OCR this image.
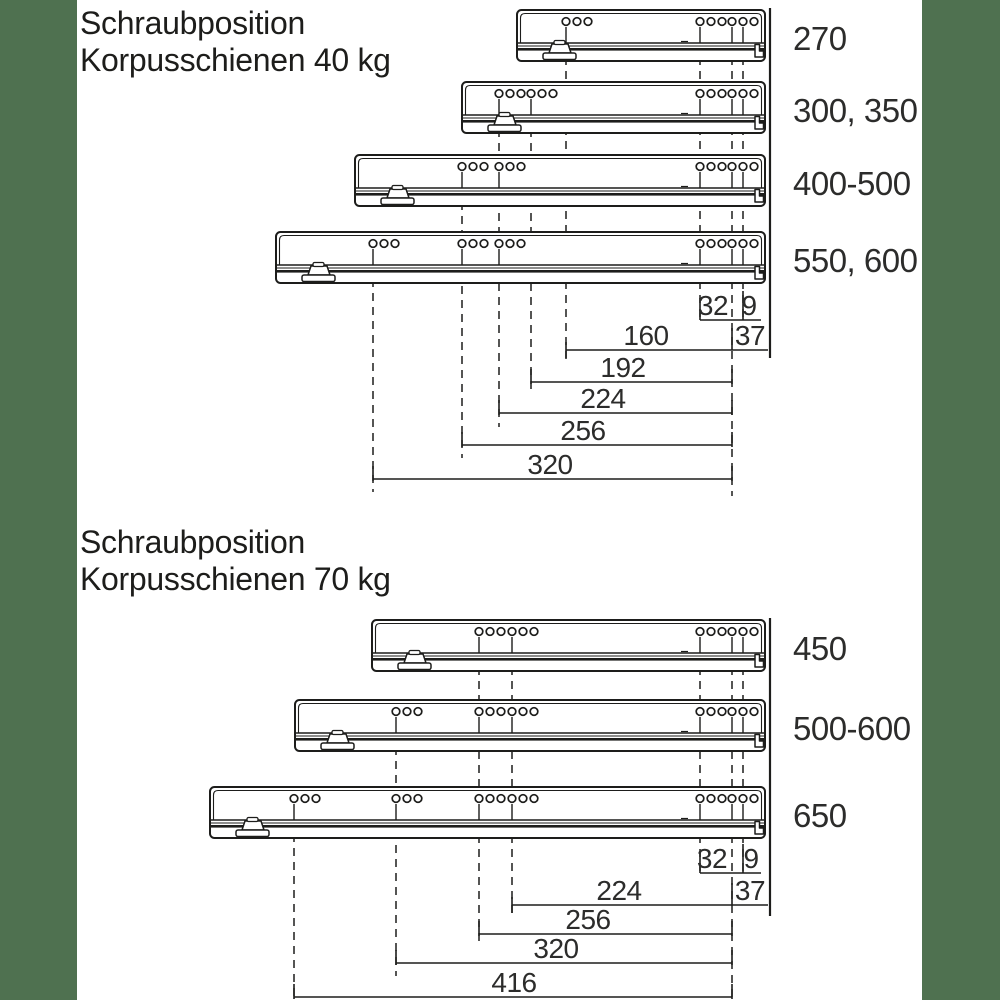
32 9
160 37
192
224
256
320
32 9
224	37
256
320
416
Schraubposition
Korpusschienen 40 kg
Schraubposition
Korpusschienen 70 kg
270
300, 350
400-500
550, 600
450
500-600
650
